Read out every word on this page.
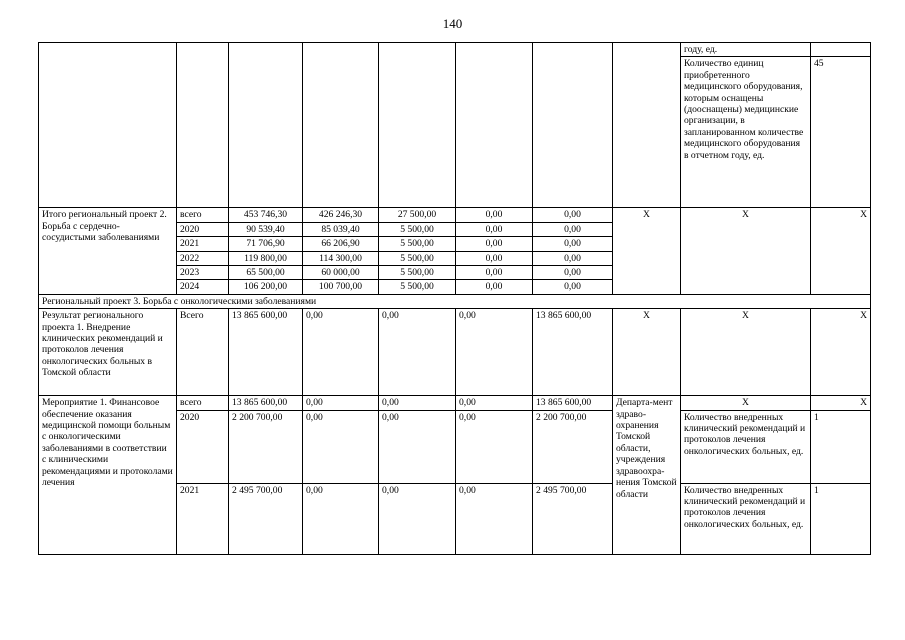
140
								году, ед.	
								Количество единиц приобретенного медицинского оборудования, которым оснащены (дооснащены) медицинские организации, в запланированном количестве медицинского оборудования в отчетном году, ед.	45
Итого региональный проект 2. Борьба с сердечно-сосудистыми заболеваниями	всего	453 746,30	426 246,30	27 500,00	0,00	0,00	Х	Х	Х
	2020	90 539,40	85 039,40	5 500,00	0,00	0,00			
	2021	71 706,90	66 206,90	5 500,00	0,00	0,00			
	2022	119 800,00	114 300,00	5 500,00	0,00	0,00			
	2023	65 500,00	60 000,00	5 500,00	0,00	0,00			
	2024	106 200,00	100 700,00	5 500,00	0,00	0,00			
Региональный проект 3. Борьба с онкологическими заболеваниями									
Результат регионального проекта 1. Внедрение клинических рекомендаций и протоколов лечения онкологических больных в Томской области	Всего	13 865 600,00	0,00	0,00	0,00	13 865 600,00	Х	Х	Х
Мероприятие 1. Финансовое обеспечение оказания медицинской помощи больным с онкологическими заболеваниями в соответствии с клиническими рекомендациями и протоколами лечения	всего	13 865 600,00	0,00	0,00	0,00	13 865 600,00	Департа-мент здраво-охранения Томской области, учреждения здравоохра-нения Томской области	Х	Х
	2020	2 200 700,00	0,00	0,00	0,00	2 200 700,00		Количество внедренных клинический рекомендаций и протоколов лечения онкологических больных, ед.	1
	2021	2 495 700,00	0,00	0,00	0,00	2 495 700,00		Количество внедренных клинический рекомендаций и протоколов лечения онкологических больных, ед.	1
